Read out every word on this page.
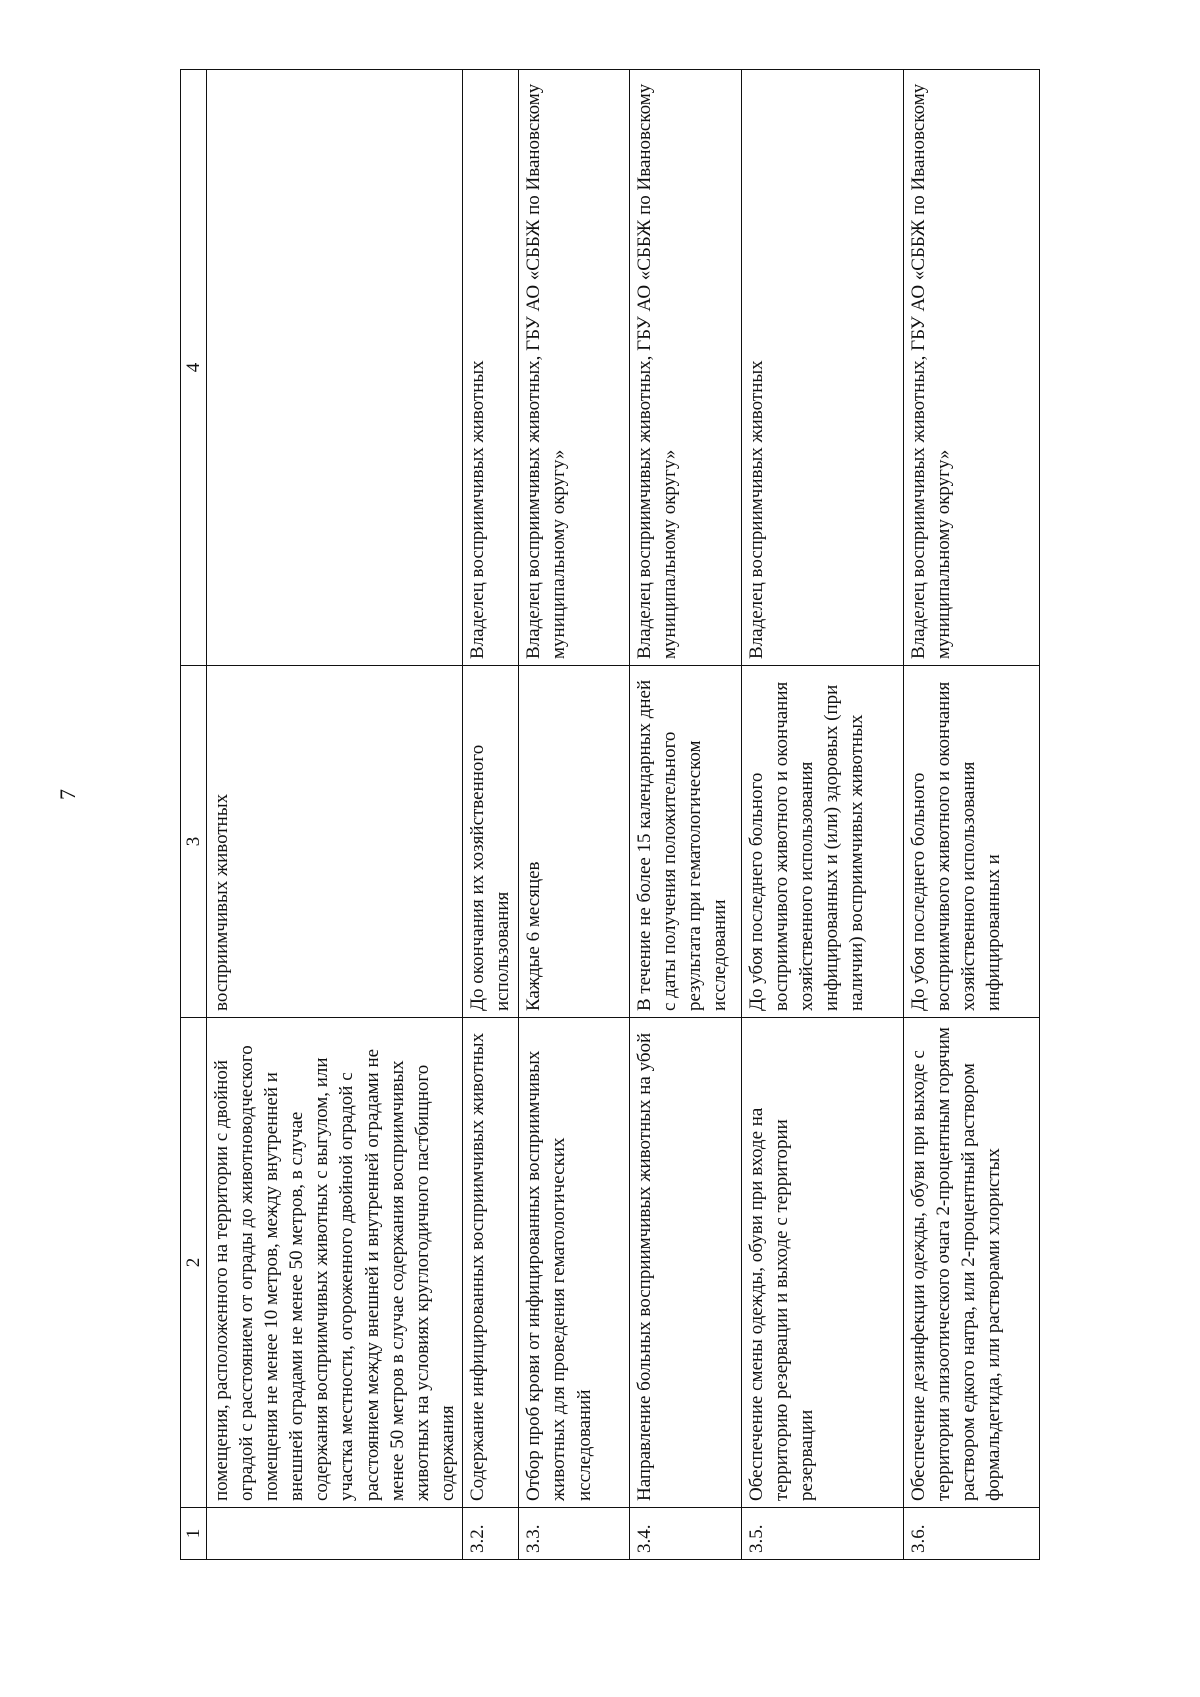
7
1	2	3	4
	помещения, расположенного на территории с двойной оградой с расстоянием от ограды до животноводческого помещения не менее 10 метров, между внутренней и внешней оградами не менее 50 метров, в случае содержания восприимчивых животных с выгулом, или участка местности, огороженного двойной оградой с расстоянием между внешней и внутренней оградами не менее 50 метров в случае содержания восприимчивых животных на условиях круглогодичного пастбищного содержания	восприимчивых животных	
3.2.	Содержание инфицированных восприимчивых животных	До окончания их хозяйственного использования	Владелец восприимчивых животных
3.3.	Отбор проб крови от инфицированных восприимчивых животных для проведения гематологических исследований	Каждые 6 месяцев	Владелец восприимчивых животных, ГБУ АО «СББЖ по Ивановскому муниципальному округу»
3.4.	Направление больных восприимчивых животных на убой	В течение не более 15 календарных дней с даты получения положительного результата при гематологическом исследовании	Владелец восприимчивых животных, ГБУ АО «СББЖ по Ивановскому муниципальному округу»
3.5.	Обеспечение смены одежды, обуви при входе на территорию резервации и выходе с территории резервации	До убоя последнего больного восприимчивого животного и окончания хозяйственного использования инфицированных и (или) здоровых (при наличии) восприимчивых животных	Владелец восприимчивых животных
3.6.	Обеспечение дезинфекции одежды, обуви при выходе с территории эпизоотического очага 2-процентным горячим раствором едкого натра, или 2-процентный раствором формальдегида, или растворами хлористых	До убоя последнего больного восприимчивого животного и окончания хозяйственного использования инфицированных и	Владелец восприимчивых животных, ГБУ АО «СББЖ по Ивановскому муниципальному округу»
